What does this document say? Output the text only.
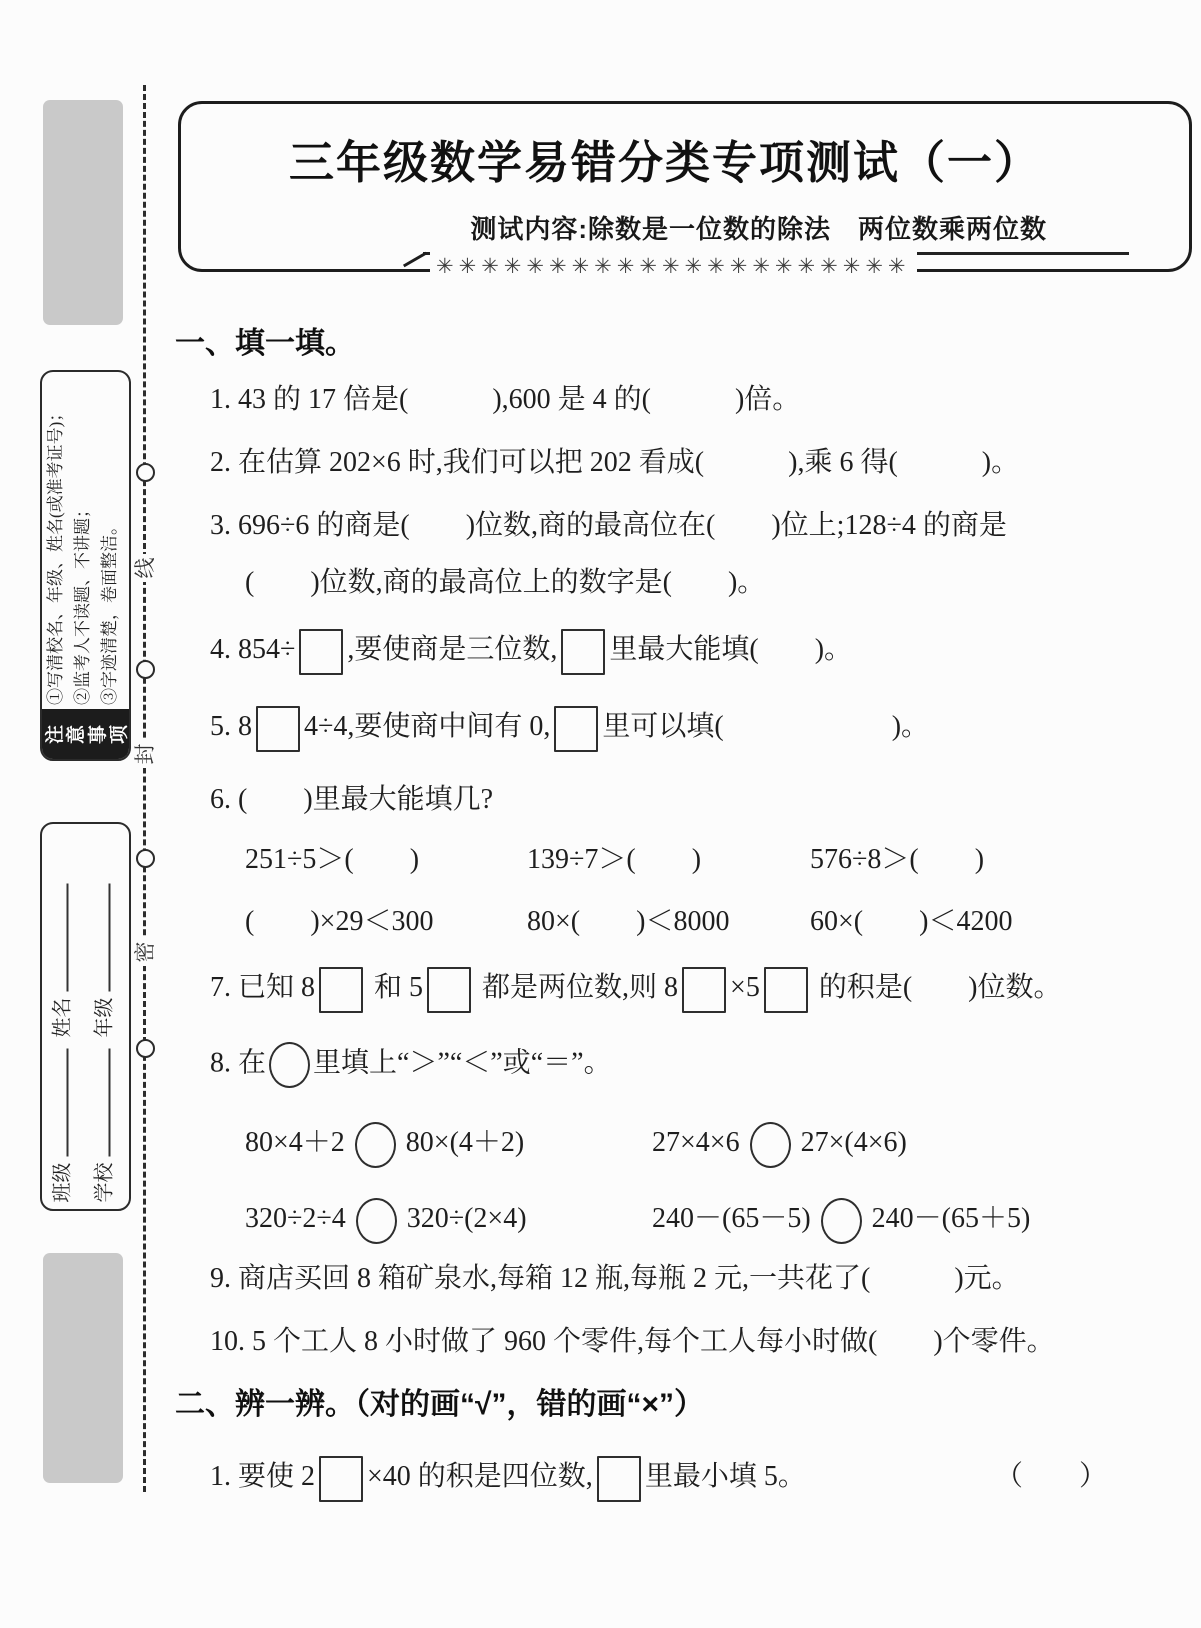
①写清校名、年级、姓名(或准考证号)； ②监考人不读题、不讲题； ③字迹清楚，卷面整洁。
注 意 事 项
班级 姓名
学校 年级
线
封
密
三年级数学易错分类专项测试（一）
测试内容:除数是一位数的除法　两位数乘两位数
✳✳✳✳✳✳✳✳✳✳✳✳✳✳✳✳✳✳✳✳✳
一、填一填。
1. 43 的 17 倍是(　　　),600 是 4 的(　　　)倍。
2. 在估算 202×6 时,我们可以把 202 看成(　　　),乘 6 得(　　　)。
3. 696÷6 的商是(　　)位数,商的最高位在(　　)位上;128÷4 的商是
(　　)位数,商的最高位上的数字是(　　)。
4. 854÷ ,要使商是三位数, 里最大能填(　　)。
5. 8 4÷4,要使商中间有 0, 里可以填(　　　　　　)。
6. (　　)里最大能填几?
251÷5＞(　　)	139÷7＞(　　)	576÷8＞(　　)
(　　)×29＜300	80×(　　)＜8000	60×(　　)＜4200
7. 已知 8 和 5 都是两位数,则 8 ×5 的积是(　　)位数。
8. 在 里填上“＞”“＜”或“＝”。
80×4＋2  80×(4＋2)	27×4×6  27×(4×6)
320÷2÷4  320÷(2×4)	240－(65－5)  240－(65＋5)
9. 商店买回 8 箱矿泉水,每箱 12 瓶,每瓶 2 元,一共花了(　　　)元。
10. 5 个工人 8 小时做了 960 个零件,每个工人每小时做(　　)个零件。
二、辨一辨。（对的画“√”，错的画“×”）
1. 要使 2 ×40 的积是四位数, 里最小填 5。	（　　）
